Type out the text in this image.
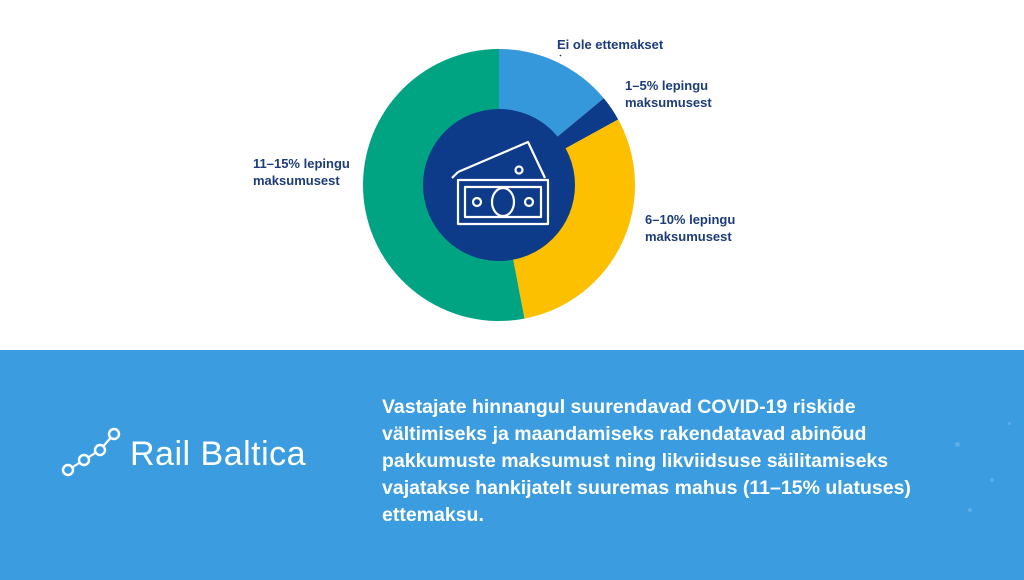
Ei ole ettemakset

1–5% lepingu
maksumusest

6–10% lepingu
maksumusest

11–15% lepingu
maksumusest

Rail Baltica

Vastajate hinnangul suurendavad COVID-19 riskide vältimiseks ja maandamiseks rakendatavad abinõud pakkumuste maksumust ning likviidsuse säilitamiseks vajatakse hankijatelt suuremas mahus (11–15% ulatuses) ettemaksu.
